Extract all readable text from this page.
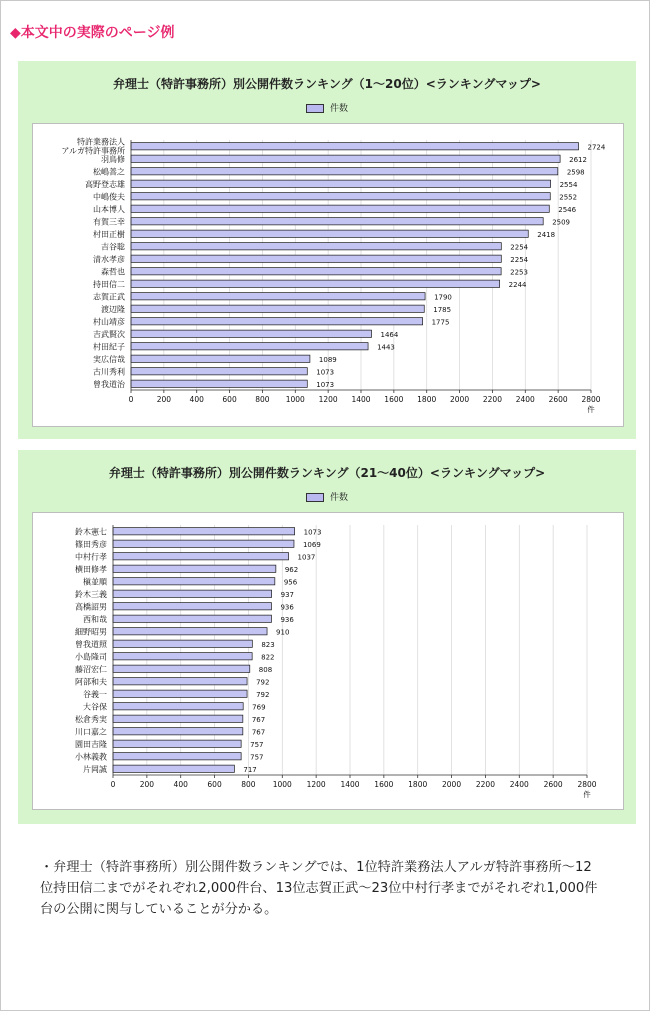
◆本文中の実際のページ例
弁理士（特許事務所）別公開件数ランキング（1～20位）<ランキングマップ>
件数
0	200 400 600 800 1000 1200 1400 1600 1800 2000 2200 2400 2600 2800
件
特許業務法人
アルガ特許事務所	2724
羽鳥修	2612
松嶋善之	2598
高野登志雄	2554
中嶋俊夫	2552
山本博人	2546
有賀三幸	2509
村田正樹	2418
吉谷聡	2254
清水孝彦	2254
森哲也	2253
持田信二	2244
志賀正武	1790
渡辺隆	1785
村山靖彦	1775
吉武賢次	1464
村田紀子	1443
実広信哉	1089
古川秀利	1073
曾我道治	1073
弁理士（特許事務所）別公開件数ランキング（21～40位）<ランキングマップ>
件数
0	200	400	600	800 1000 1200 1400 1600 1800 2000 2200 2400 2600 2800
件
鈴木憲七	1073
篠田秀彦	1069
中村行孝	1037
横田修孝	962
槇並順	956
鈴木三義	937
高橋詔男	936
西和哉	936
細野昭男	910
曾我道照	823
小島隆司	822
藤沼宏仁	808
阿部和夫	792
谷義一	792
大谷保	769
松倉秀実	767
川口嘉之	767
園田吉隆	757
小林義教	757
片岡誠	717
・弁理士（特許事務所）別公開件数ランキングでは、1位特許業務法人アルガ特許事務所～12位持田信二までがそれぞれ2,000件台、13位志賀正武～23位中村行孝までがそれぞれ1,000件台の公開に関与していることが分かる。
